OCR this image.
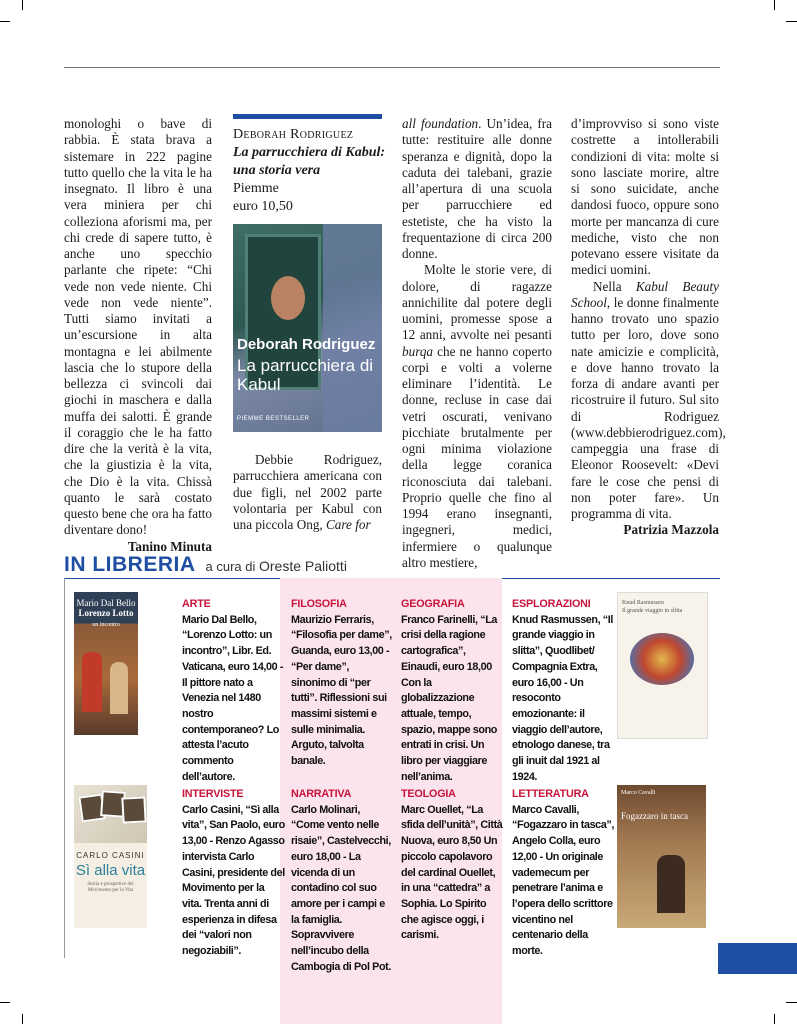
monologhi o bave di rabbia. È stata brava a sistemare in 222 pagine tutto quello che la vita le ha insegnato. Il libro è una vera miniera per chi colleziona aforismi ma, per chi crede di sapere tutto, è anche uno specchio parlante che ripete: “Chi vede non vede niente. Chi vede non vede niente”. Tutti siamo invitati a un’escursione in alta montagna e lei abilmente lascia che lo stupore della bellezza ci svincoli dai giochi in maschera e dalla muffa dei salotti. È grande il coraggio che le ha fatto dire che la verità è la vita, che la giustizia è la vita, che Dio è la vita. Chissà quanto le sarà costato questo bene che ora ha fatto diventare dono!

Tanino Minuta

Deborah Rodriguez
La parrucchiera di Kabul: una storia vera
Piemme
euro 10,50
Deborah Rodriguez
La parrucchiera di Kabul
PIEMME BESTSELLER

Debbie Rodriguez, parrucchiera americana con due figli, nel 2002 parte volontaria per Kabul con una piccola Ong, Care for

all foundation. Un’idea, fra tutte: restituire alle donne speranza e dignità, dopo la caduta dei talebani, grazie all’apertura di una scuola per parrucchiere ed estetiste, che ha visto la frequentazione di circa 200 donne.

Molte le storie vere, di dolore, di ragazze annichilite dal potere degli uomini, promesse spose a 12 anni, avvolte nei pesanti burqa che ne hanno coperto corpi e volti a volerne eliminare l’identità. Le donne, recluse in case dai vetri oscurati, venivano picchiate brutalmente per ogni minima violazione della legge coranica riconosciuta dai talebani. Proprio quelle che fino al 1994 erano insegnanti, ingegneri, medici, infermiere o qualunque altro mestiere,

d’improvviso si sono viste costrette a intollerabili condizioni di vita: molte si sono lasciate morire, altre si sono suicidate, anche dandosi fuoco, oppure sono morte per mancanza di cure mediche, visto che non potevano essere visitate da medici uomini.

Nella Kabul Beauty School, le donne finalmente hanno trovato uno spazio tutto per loro, dove sono nate amicizie e complicità, e dove hanno trovato la forza di andare avanti per ricostruire il futuro. Sul sito di Rodriguez (www.debbierodriguez.com), campeggia una frase di Eleonor Roosevelt: «Devi fare le cose che pensi di non poter fare». Un programma di vita.

Patrizia Mazzola

IN LIBRERIA a cura di Oreste Paliotti
Mario Dal Bello
Lorenzo Lotto
un incontro
CARLO CASINI
Sì alla vita
Storia e prospettive del Movimento per la Vita
Knud Rasmussen
Il grande viaggio in slitta
Marco Cavalli
Fogazzaro in tasca
ARTE
Mario Dal Bello, “Lorenzo Lotto: un incontro”, Libr. Ed. Vaticana, euro 14,00 - Il pittore nato a Venezia nel 1480 nostro contemporaneo? Lo attesta l’acuto commento dell’autore.
FILOSOFIA
Maurizio Ferraris, “Filosofia per dame”, Guanda, euro 13,00 - “Per dame”, sinonimo di “per tutti”. Riflessioni sui massimi sistemi e sulle minimalia. Arguto, talvolta banale.
GEOGRAFIA
Franco Farinelli, “La crisi della ragione cartografica”, Einaudi, euro 18,00 Con la globalizzazione attuale, tempo, spazio, mappe sono entrati in crisi. Un libro per viaggiare nell’anima.
ESPLORAZIONI
Knud Rasmussen, “Il grande viaggio in slitta”, Quodlibet/ Compagnia Extra, euro 16,00 - Un resoconto emozionante: il viaggio dell’autore, etnologo danese, tra gli inuit dal 1921 al 1924.
INTERVISTE
Carlo Casini, “Sì alla vita”, San Paolo, euro 13,00 - Renzo Agasso intervista Carlo Casini, presidente del Movimento per la vita. Trenta anni di esperienza in difesa dei “valori non negoziabili”.
NARRATIVA
Carlo Molinari, “Come vento nelle risaie”, Castelvecchi, euro 18,00 - La vicenda di un contadino col suo amore per i campi e la famiglia. Sopravvivere nell’incubo della Cambogia di Pol Pot.
TEOLOGIA
Marc Ouellet, “La sfida dell’unità”, Città Nuova, euro 8,50 Un piccolo capolavoro del cardinal Ouellet, in una “cattedra” a Sophia. Lo Spirito che agisce oggi, i carismi.
LETTERATURA
Marco Cavalli, “Fogazzaro in tasca”, Angelo Colla, euro 12,00 - Un originale vademecum per penetrare l’anima e l’opera dello scrittore vicentino nel centenario della morte.
